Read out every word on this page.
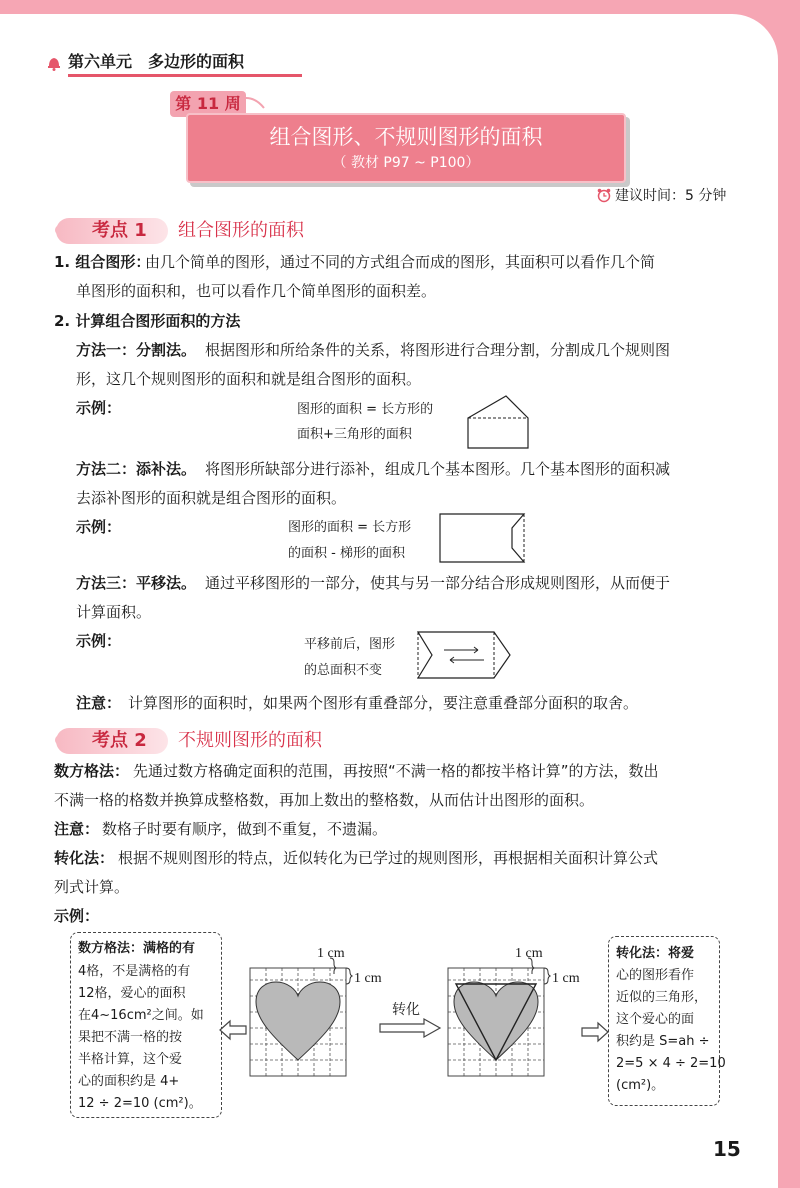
第六单元　多边形的面积
第 11 周
组合图形、不规则图形的面积
（ 教材 P97 ~ P100）
建议时间：5 分钟
考点 1	组合图形的面积
1. 组合图形：
由几个简单的图形，通过不同的方式组合而成的图形，其面积可以看作几个简
单图形的面积和，也可以看作几个简单图形的面积差。
2. 计算组合图形面积的方法
方法一：分割法。 根据图形和所给条件的关系，将图形进行合理分割，分割成几个规则图
形，这几个规则图形的面积和就是组合图形的面积。
示例：	图形的面积 = 长方形的
面积+三角形的面积
方法二：添补法。 将图形所缺部分进行添补，组成几个基本图形。几个基本图形的面积减
去添补图形的面积就是组合图形的面积。
示例：	图形的面积 = 长方形
的面积 - 梯形的面积
方法三：平移法。 通过平移图形的一部分，使其与另一部分结合形成规则图形，从而便于
计算面积。
示例：	平移前后，图形
的总面积不变
注意： 计算图形的面积时，如果两个图形有重叠部分，要注意重叠部分面积的取舍。
考点 2	不规则图形的面积
数方格法： 先通过数方格确定面积的范围，再按照“不满一格的都按半格计算”的方法，数出
不满一格的格数并换算成整格数，再加上数出的整格数，从而估计出图形的面积。
注意： 数格子时要有顺序，做到不重复，不遗漏。
转化法： 根据不规则图形的特点，近似转化为已学过的规则图形，再根据相关面积计算公式
列式计算。
示例：
数方格法：满格的有
4格，不是满格的有
12格，爱心的面积
在4~16cm²之间。如
果把不满一格的按
半格计算，这个爱
心的面积约是 4+
12 ÷ 2=10 (cm²)。
1 cm
1 cm
转化
1 cm
1 cm
转化法：将爱
心的图形看作
近似的三角形，
这个爱心的面
积约是 S=ah ÷
2=5 × 4 ÷ 2=10
(cm²)。
15
